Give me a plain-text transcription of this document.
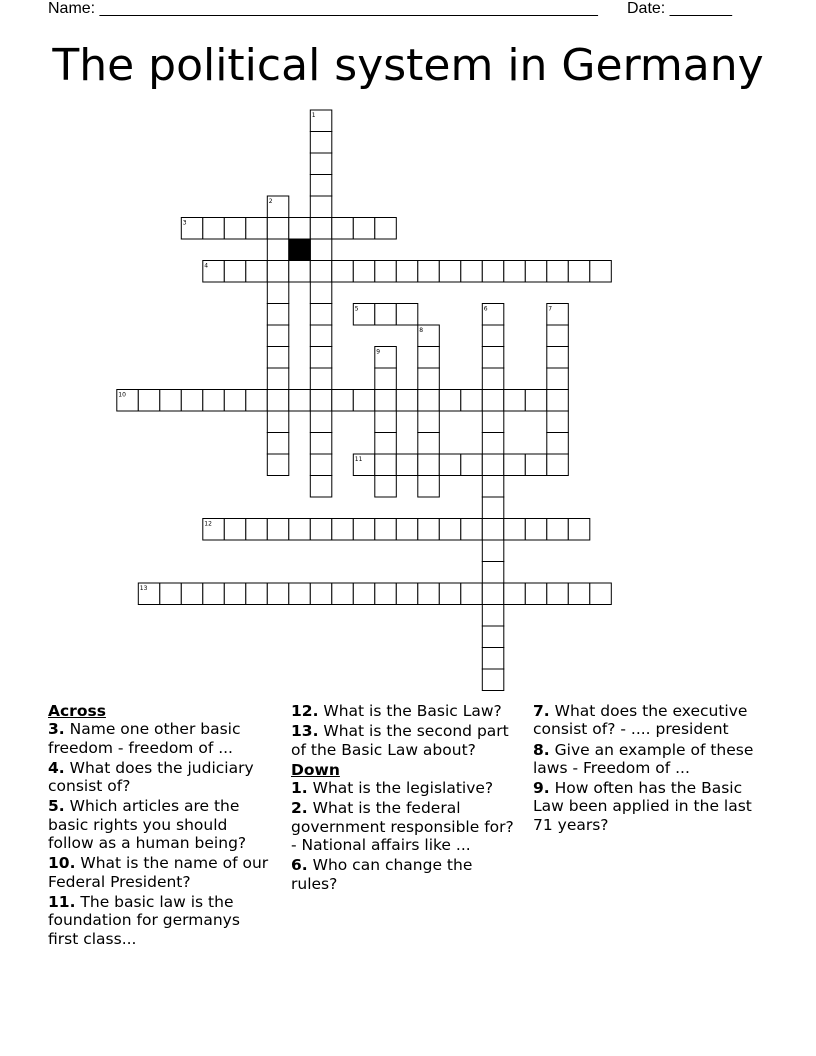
Name: ________________________________________________________ Date: _______
The political system in Germany
3
4
5
10
11
12
13
1
2
6	7
8
9
Across
3. Name one other basic freedom - freedom of ...
4. What does the judiciary consist of?
5. Which articles are the basic rights you should follow as a human being?
10. What is the name of our Federal President?
11. The basic law is the foundation for germanys first class...
12. What is the Basic Law?
13. What is the second part of the Basic Law about?
Down
1. What is the legislative?
2. What is the federal government responsible for? - National affairs like ...
6. Who can change the rules?
7. What does the executive consist of? - .... president
8. Give an example of these laws - Freedom of ...
9. How often has the Basic Law been applied in the last 71 years?
